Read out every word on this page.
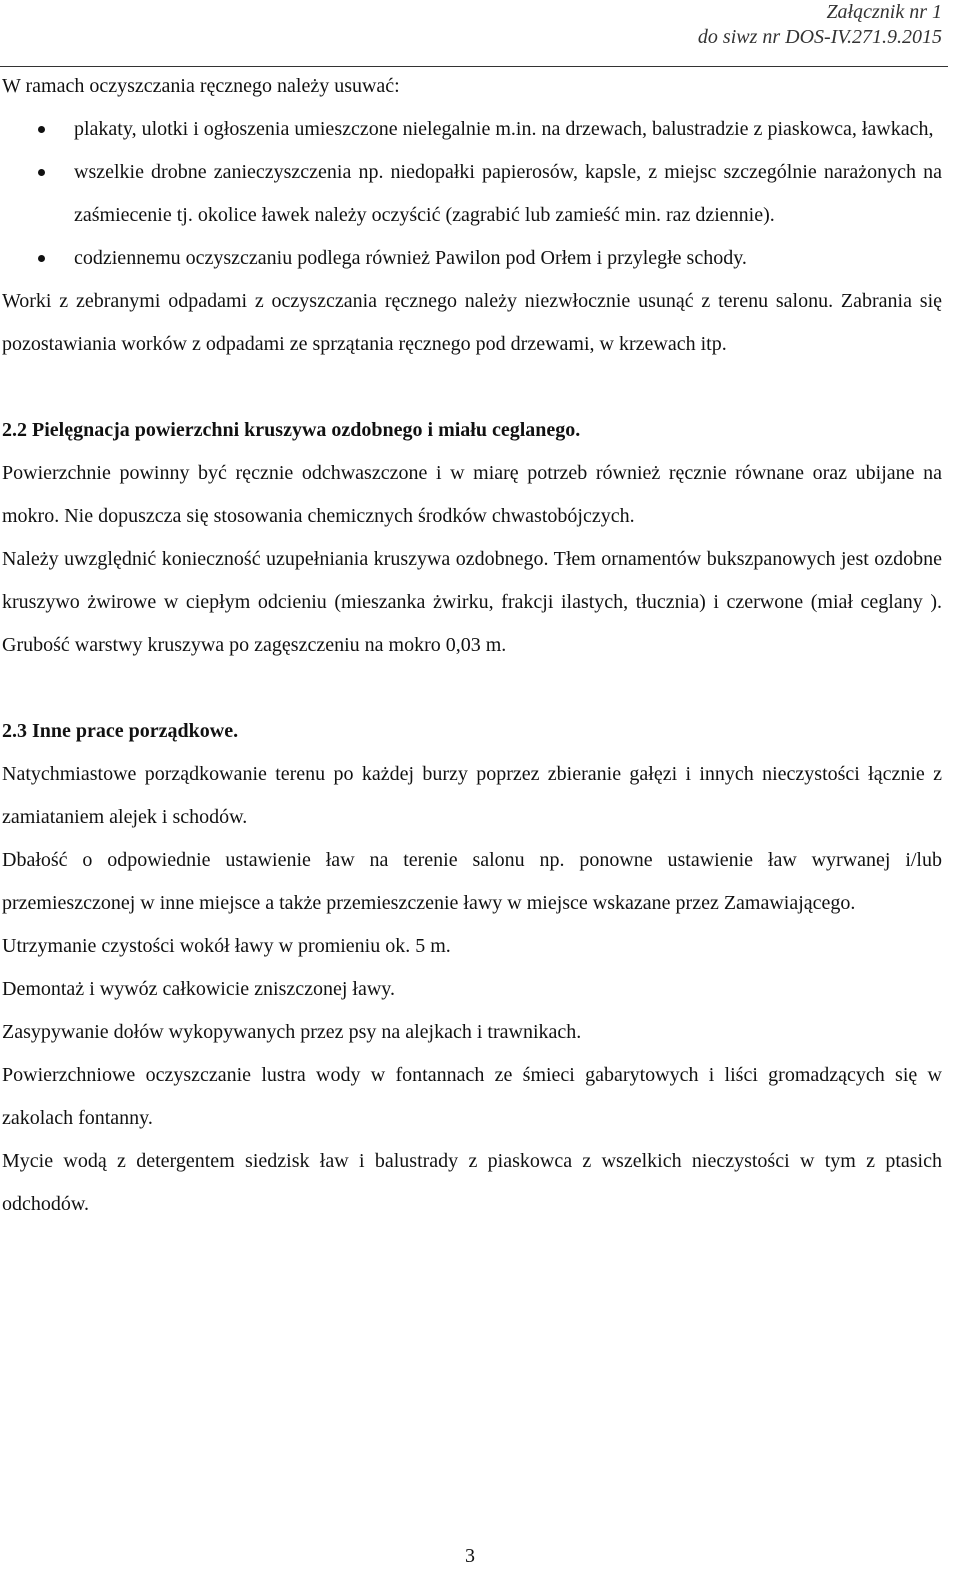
Załącznik nr 1
do siwz nr DOS-IV.271.9.2015

W ramach oczyszczania ręcznego należy usuwać:

plakaty, ulotki i ogłoszenia umieszczone nielegalnie m.in. na drzewach, balustradzie z piaskowca, ławkach,
wszelkie drobne zanieczyszczenia np. niedopałki papierosów, kapsle, z miejsc szczególnie narażonych na zaśmiecenie tj. okolice ławek należy oczyścić (zagrabić lub zamieść min. raz dziennie).
codziennemu oczyszczaniu podlega również Pawilon pod Orłem i przyległe schody.

Worki z zebranymi odpadami z oczyszczania ręcznego należy niezwłocznie usunąć z terenu salonu. Zabrania się pozostawiania worków z odpadami ze sprzątania ręcznego pod drzewami, w krzewach itp.

2.2 Pielęgnacja powierzchni kruszywa ozdobnego i miału ceglanego.

Powierzchnie powinny być ręcznie odchwaszczone i w miarę potrzeb również ręcznie równane oraz ubijane na mokro. Nie dopuszcza się stosowania chemicznych środków chwastobójczych.

Należy uwzględnić konieczność uzupełniania kruszywa ozdobnego. Tłem ornamentów bukszpanowych jest ozdobne kruszywo żwirowe w ciepłym odcieniu (mieszanka żwirku, frakcji ilastych, tłucznia) i czerwone (miał ceglany ). Grubość warstwy kruszywa po zagęszczeniu na mokro 0,03 m.

2.3 Inne prace porządkowe.

Natychmiastowe porządkowanie terenu po każdej burzy poprzez zbieranie gałęzi i innych nieczystości łącznie z zamiataniem alejek i schodów.

Dbałość o odpowiednie ustawienie ław na terenie salonu np. ponowne ustawienie ław wyrwanej i/lub przemieszczonej w inne miejsce a także przemieszczenie ławy w miejsce wskazane przez Zamawiającego.

Utrzymanie czystości wokół ławy w promieniu ok. 5 m.

Demontaż i wywóz całkowicie zniszczonej ławy.

Zasypywanie dołów wykopywanych przez psy na alejkach i trawnikach.

Powierzchniowe oczyszczanie lustra wody w fontannach ze śmieci gabarytowych i liści gromadzących się w zakolach fontanny.

Mycie wodą z detergentem siedzisk ław i balustrady z piaskowca z wszelkich nieczystości w tym z ptasich odchodów.

3
